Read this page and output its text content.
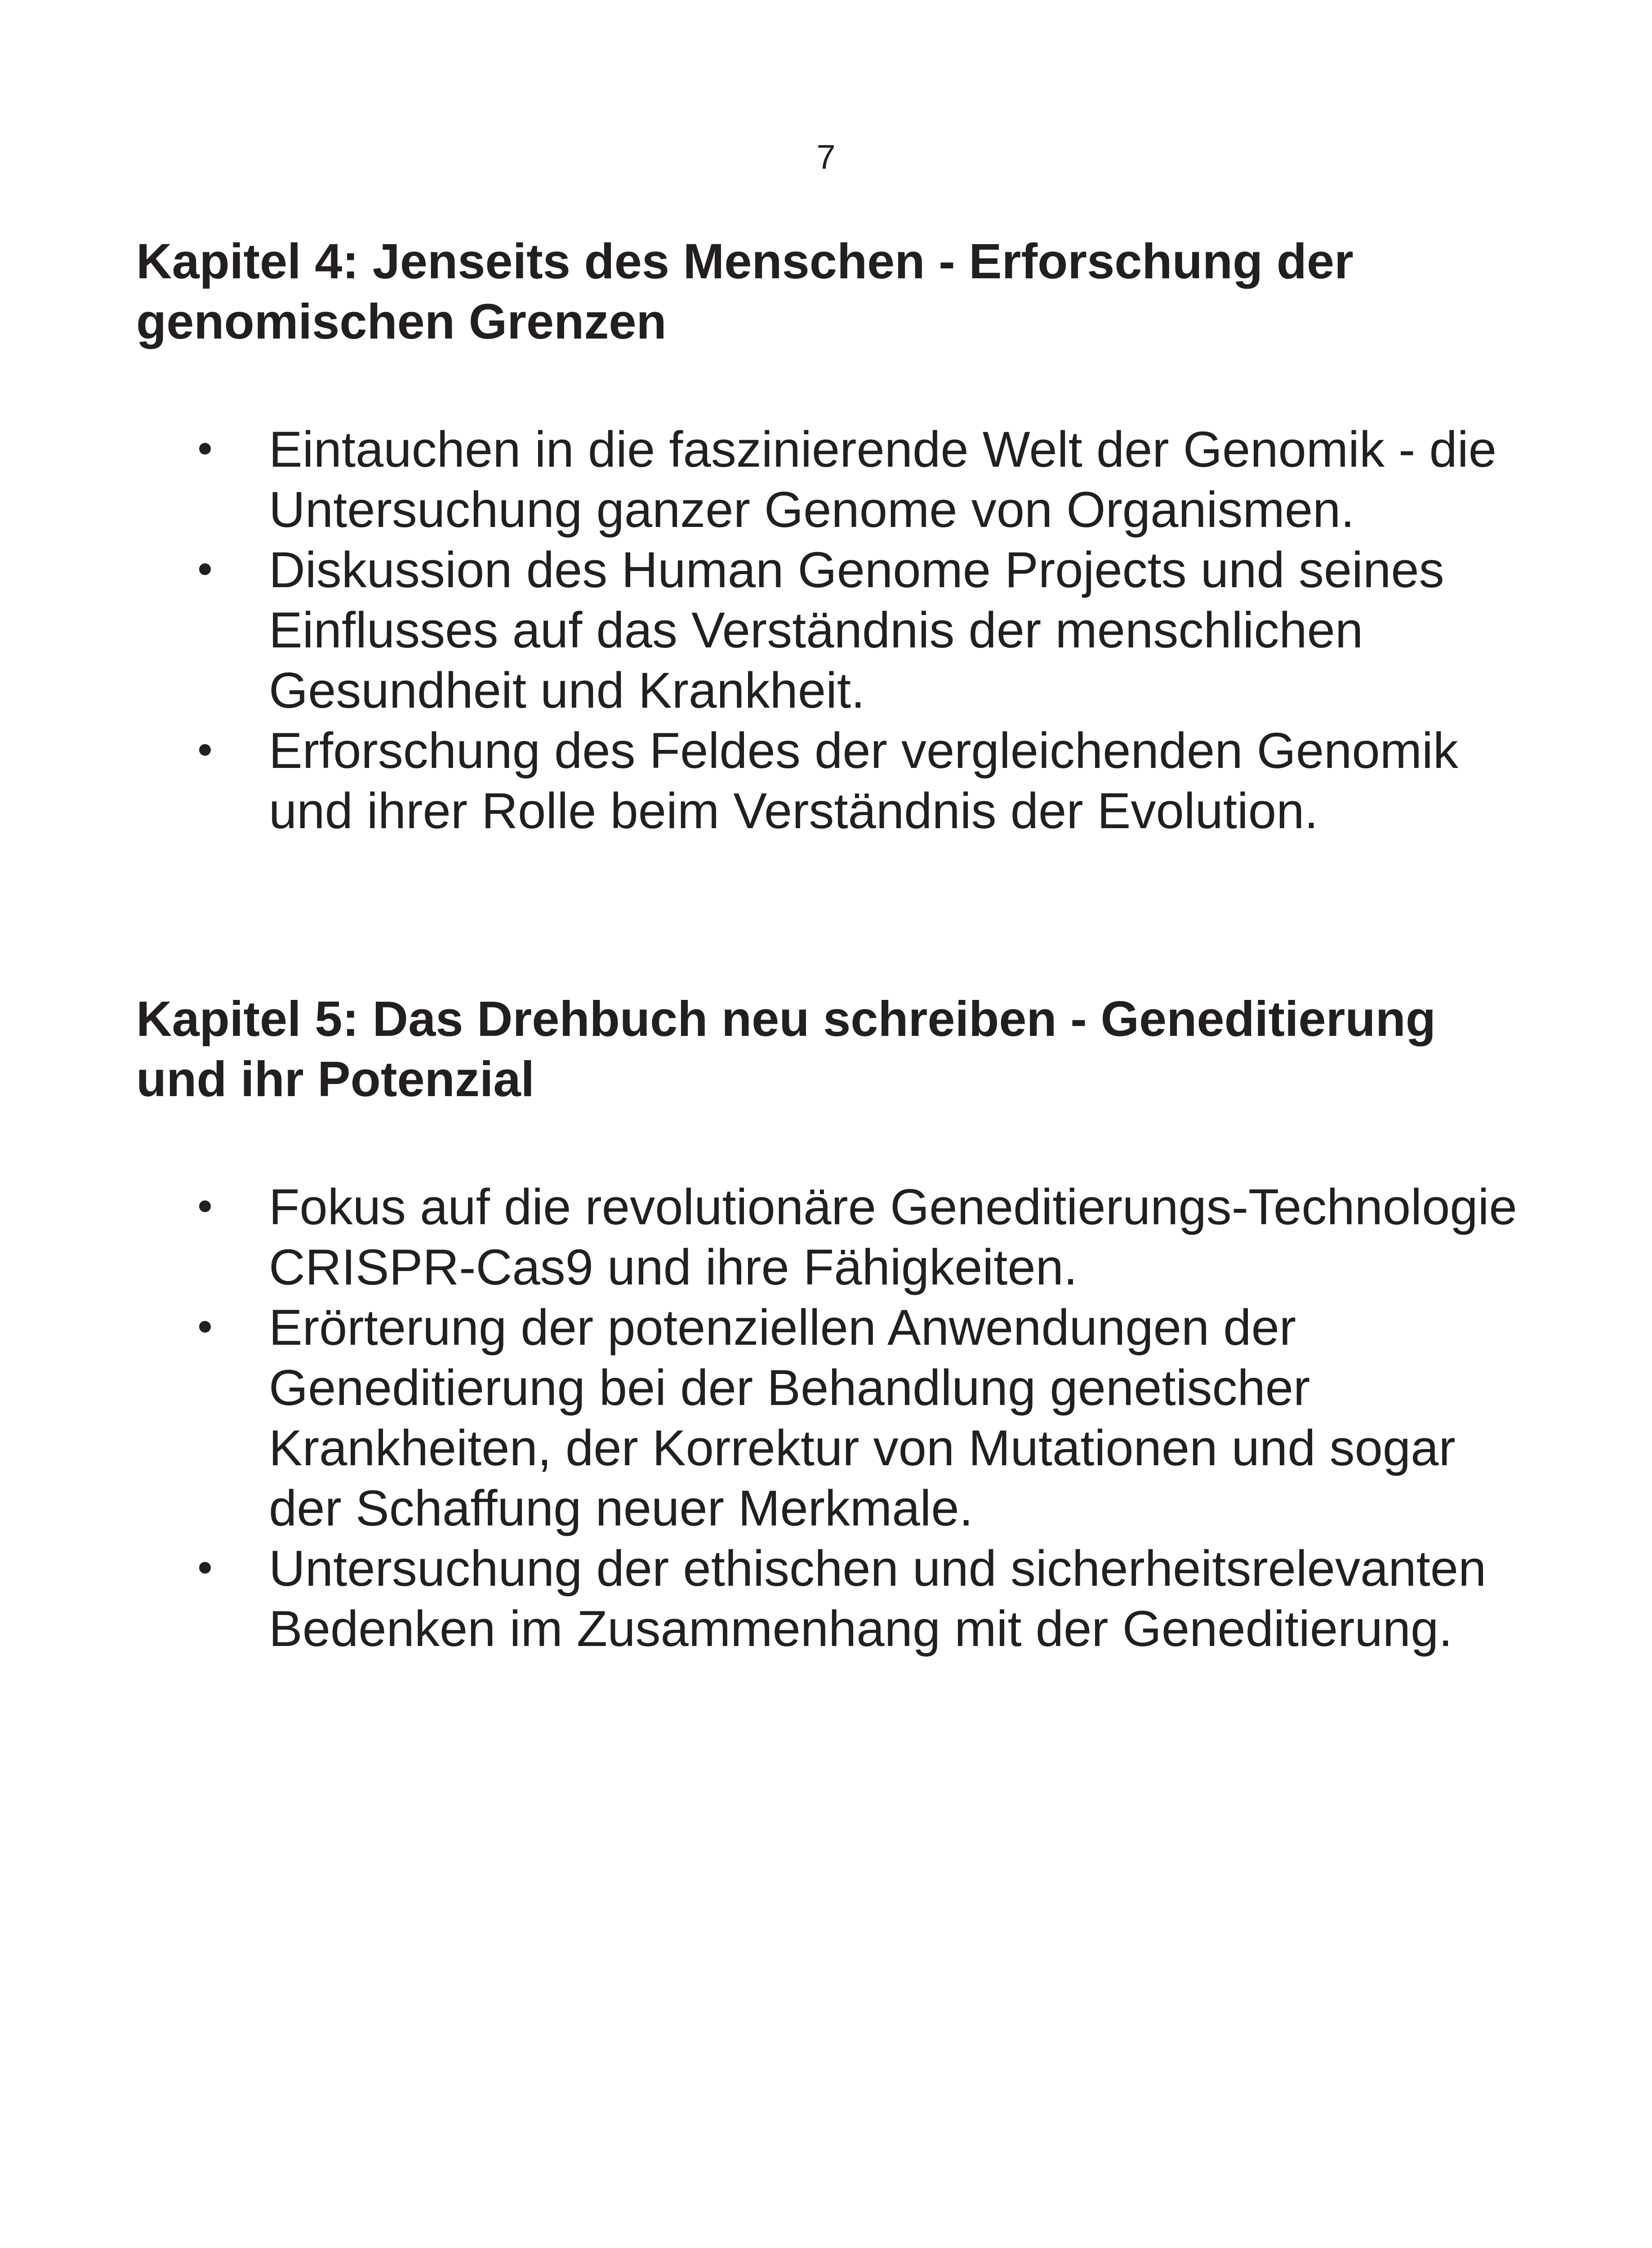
7
Kapitel 4: Jenseits des Menschen - Erforschung der genomischen Grenzen
Eintauchen in die faszinierende Welt der Genomik - die Untersuchung ganzer Genome von Organismen.
Diskussion des Human Genome Projects und seines Einflusses auf das Verständnis der menschlichen Gesundheit und Krankheit.
Erforschung des Feldes der vergleichenden Genomik und ihrer Rolle beim Verständnis der Evolution.
Kapitel 5: Das Drehbuch neu schreiben - Geneditierung und ihr Potenzial
Fokus auf die revolutionäre Geneditierungs-Technologie CRISPR-Cas9 und ihre Fähigkeiten.
Erörterung der potenziellen Anwendungen der Geneditierung bei der Behandlung genetischer Krankheiten, der Korrektur von Mutationen und sogar der Schaffung neuer Merkmale.
Untersuchung der ethischen und sicherheitsrelevanten Bedenken im Zusammenhang mit der Geneditierung.
